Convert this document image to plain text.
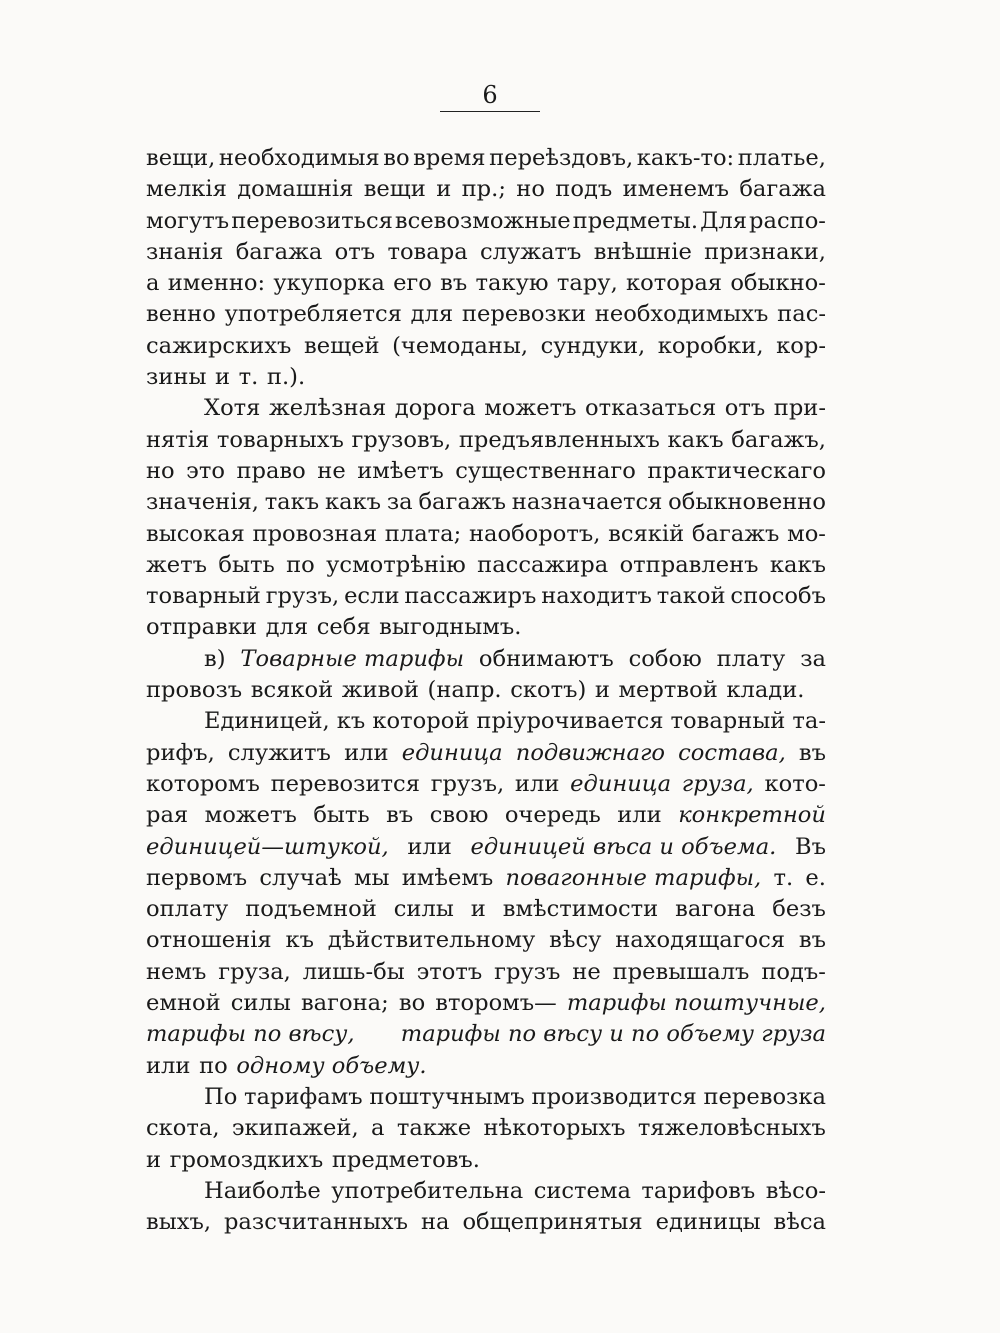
6
вещи, необходимыя во время переѣздовъ, какъ-то: платье,
мелкія домашнія вещи и пр.; но подъ именемъ багажа
могутъ перевозиться всевозможные предметы. Для распо-
знанія багажа отъ товара служатъ внѣшніе признаки,
а именно: укупорка его въ такую тару, которая обыкно-
венно употребляется для перевозки необходимыхъ пас-
сажирскихъ вещей (чемоданы, сундуки, коробки, кор-
зины и т. п.).
Хотя желѣзная дорога можетъ отказаться отъ при-
нятія товарныхъ грузовъ, предъявленныхъ какъ багажъ,
но это право не имѣетъ существеннаго практическаго
значенія, такъ какъ за багажъ назначается обыкновенно
высокая провозная плата; наоборотъ, всякій багажъ мо-
жетъ быть по усмотрѣнію пассажира отправленъ какъ
товарный грузъ, если пассажиръ находитъ такой способъ
отправки для себя выгоднымъ.
в) Товарные тарифы обнимаютъ собою плату за
провозъ всякой живой (напр. скотъ) и мертвой клади.
Единицей, къ которой пріурочивается товарный та-
рифъ, служитъ или единица подвижнаго состава, въ
которомъ перевозится грузъ, или единица груза, кото-
рая можетъ быть въ свою очередь или конкретной
единицей—штукой, или единицей вѣса и объема. Въ
первомъ случаѣ мы имѣемъ повагонные тарифы, т. е.
оплату подъемной силы и вмѣстимости вагона безъ
отношенія къ дѣйствительному вѣсу находящагося въ
немъ груза, лишь-бы этотъ грузъ не превышалъ подъ-
емной силы вагона; во второмъ— тарифы поштучные,
тарифы по вѣсу, тарифы по вѣсу и по объему груза
или по одному объему.
По тарифамъ поштучнымъ производится перевозка
скота, экипажей, а также нѣкоторыхъ тяжеловѣсныхъ
и громоздкихъ предметовъ.
Наиболѣе употребительна система тарифовъ вѣсо-
выхъ, разсчитанныхъ на общепринятыя единицы вѣса
